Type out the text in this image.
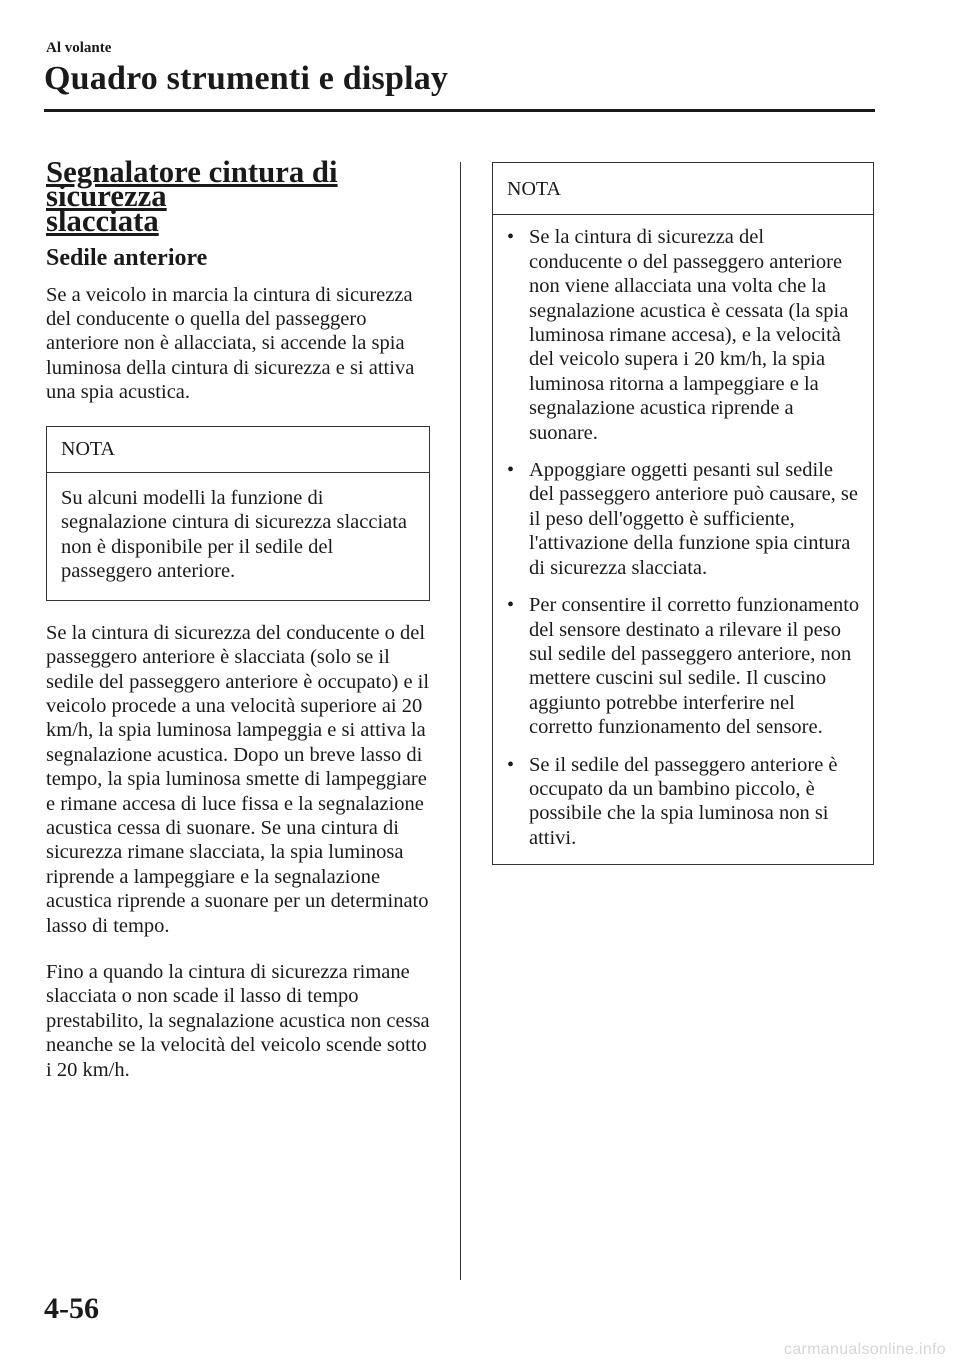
Al volante

Quadro strumenti e display
Segnalatore cintura di sicurezza
slacciata
Sedile anteriore

Se a veicolo in marcia la cintura di sicurezza del conducente o quella del passeggero anteriore non è allacciata, si accende la spia luminosa della cintura di sicurezza e si attiva una spia acustica.

NOTA
Su alcuni modelli la funzione di segnalazione cintura di sicurezza slacciata non è disponibile per il sedile del passeggero anteriore.

Se la cintura di sicurezza del conducente o del passeggero anteriore è slacciata (solo se il sedile del passeggero anteriore è occupato) e il veicolo procede a una velocità superiore ai 20 km/h, la spia luminosa lampeggia e si attiva la segnalazione acustica. Dopo un breve lasso di tempo, la spia luminosa smette di lampeggiare e rimane accesa di luce fissa e la segnalazione acustica cessa di suonare. Se una cintura di sicurezza rimane slacciata, la spia luminosa riprende a lampeggiare e la segnalazione acustica riprende a suonare per un determinato lasso di tempo.

Fino a quando la cintura di sicurezza rimane slacciata o non scade il lasso di tempo prestabilito, la segnalazione acustica non cessa neanche se la velocità del veicolo scende sotto i 20 km/h.

NOTA
• Se la cintura di sicurezza del conducente o del passeggero anteriore non viene allacciata una volta che la segnalazione acustica è cessata (la spia luminosa rimane accesa), e la velocità del veicolo supera i 20 km/h, la spia luminosa ritorna a lampeggiare e la segnalazione acustica riprende a suonare.
• Appoggiare oggetti pesanti sul sedile del passeggero anteriore può causare, se il peso dell'oggetto è sufficiente, l'attivazione della funzione spia cintura di sicurezza slacciata.
• Per consentire il corretto funzionamento del sensore destinato a rilevare il peso sul sedile del passeggero anteriore, non mettere cuscini sul sedile. Il cuscino aggiunto potrebbe interferire nel corretto funzionamento del sensore.
• Se il sedile del passeggero anteriore è occupato da un bambino piccolo, è possibile che la spia luminosa non si attivi.

4-56

carmanualsonline.info
